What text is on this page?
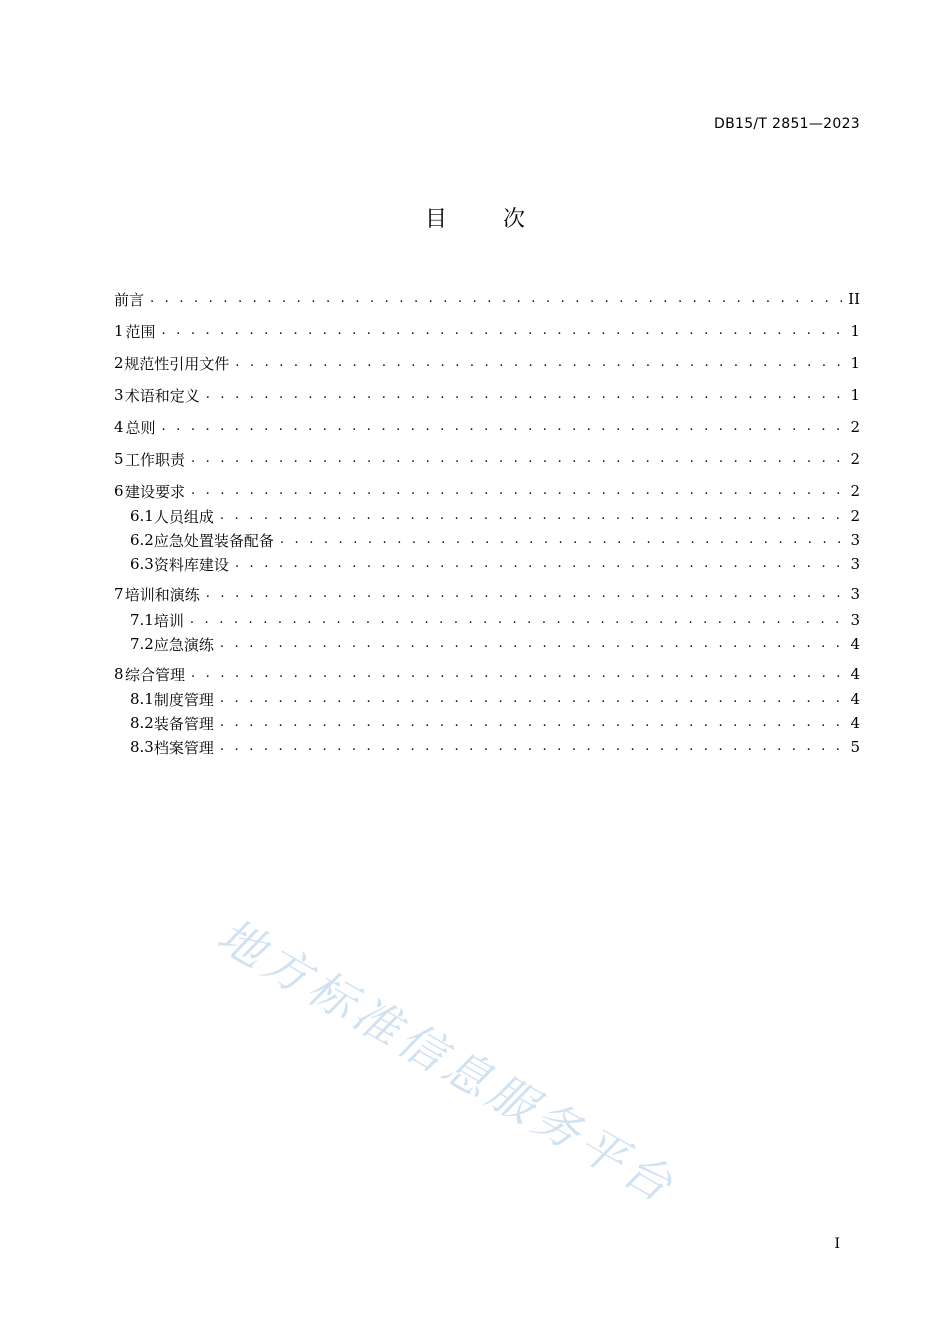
DB15/T 2851—2023
目	次
前言 . . .	II
1 范围 . . .	1
2 规范性引用文件 . . .	1
3 术语和定义 . . .	1
4 总则 . . .	2
5 工作职责 . . .	2
6 建设要求 . . .	2
6.1 人员组成 . . .	2
6.2 应急处置装备配备 . . .	3
6.3 资料库建设 . . .	3
7 培训和演练 . . .	3
7.1 培训 . . .	3
7.2 应急演练 . . .	4
8 综合管理 . . .	4
8.1 制度管理 . . .	4
8.2 装备管理 . . .	4
8.3 档案管理 . . .	5
地方标准信息服务平台
I
